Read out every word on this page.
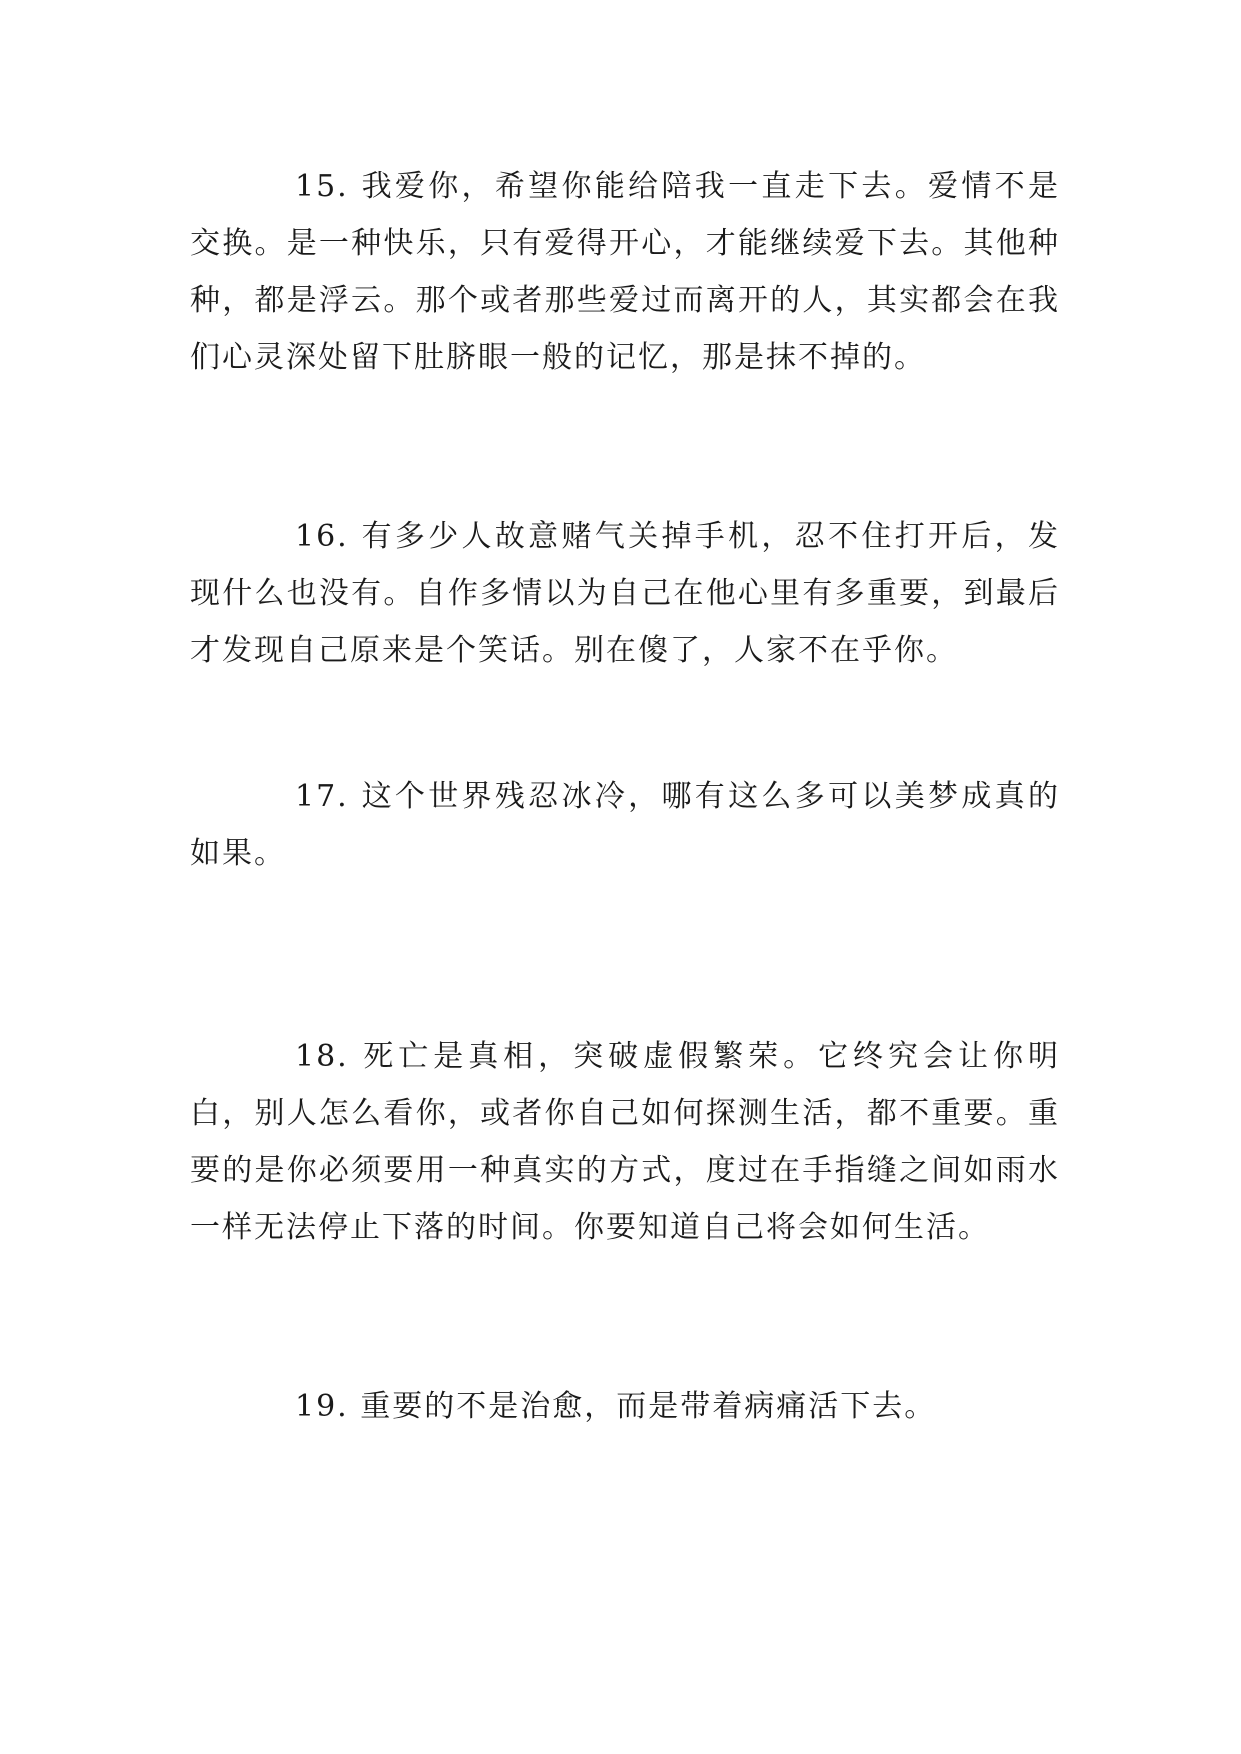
15. 我爱你，希望你能给陪我一直走下去。爱情不是交换。是一种快乐，只有爱得开心，才能继续爱下去。其他种种，都是浮云。那个或者那些爱过而离开的人，其实都会在我们心灵深处留下肚脐眼一般的记忆，那是抹不掉的。

16. 有多少人故意赌气关掉手机，忍不住打开后，发现什么也没有。自作多情以为自己在他心里有多重要，到最后才发现自己原来是个笑话。别在傻了，人家不在乎你。

17. 这个世界残忍冰冷，哪有这么多可以美梦成真的如果。

18. 死亡是真相，突破虚假繁荣。它终究会让你明白，别人怎么看你，或者你自己如何探测生活，都不重要。重要的是你必须要用一种真实的方式，度过在手指缝之间如雨水一样无法停止下落的时间。你要知道自己将会如何生活。

19. 重要的不是治愈，而是带着病痛活下去。
